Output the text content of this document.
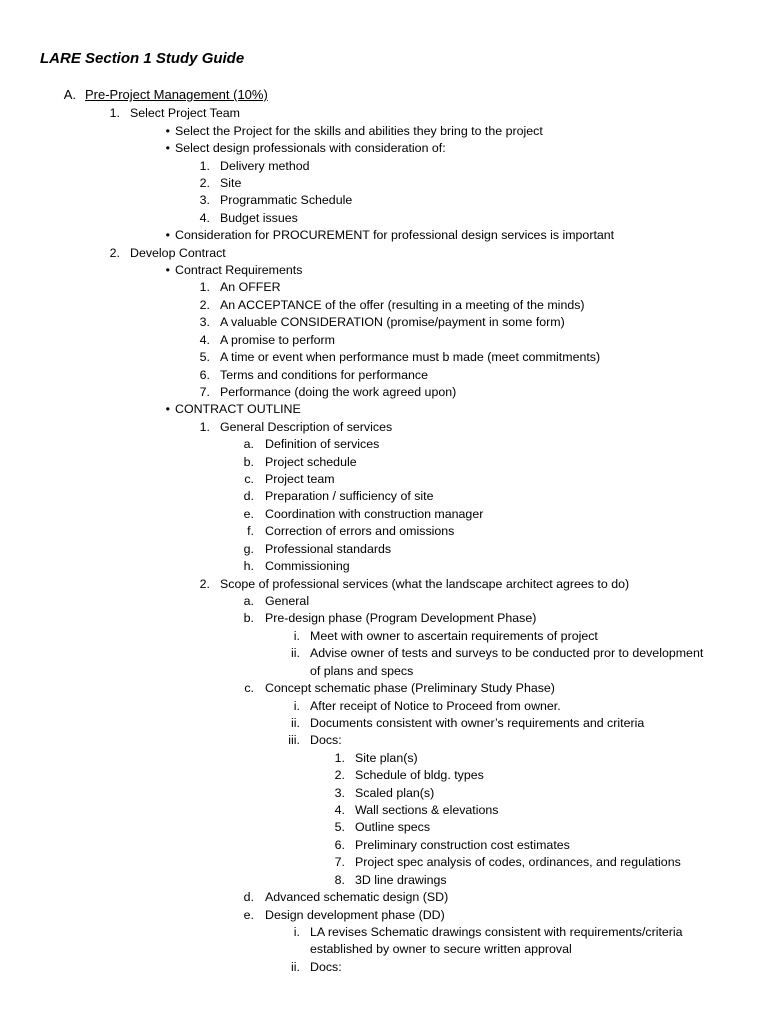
LARE Section 1 Study Guide
A. Pre-Project Management (10%)
1. Select Project Team
• Select the Project for the skills and abilities they bring to the project
• Select design professionals with consideration of:
1. Delivery method
2. Site
3. Programmatic Schedule
4. Budget issues
• Consideration for PROCUREMENT for professional design services is important
2. Develop Contract
• Contract Requirements
1. An OFFER
2. An ACCEPTANCE of the offer (resulting in a meeting of the minds)
3. A valuable CONSIDERATION (promise/payment in some form)
4. A promise to perform
5. A time or event when performance must b made (meet commitments)
6. Terms and conditions for performance
7. Performance (doing the work agreed upon)
• CONTRACT OUTLINE
1. General Description of services
a. Definition of services
b. Project schedule
c. Project team
d. Preparation / sufficiency of site
e. Coordination with construction manager
f. Correction of errors and omissions
g. Professional standards
h. Commissioning
2. Scope of professional services (what the landscape architect agrees to do)
a. General
b. Pre-design phase (Program Development Phase)
i. Meet with owner to ascertain requirements of project
ii. Advise owner of tests and surveys to be conducted pror to development
of plans and specs
c. Concept schematic phase (Preliminary Study Phase)
i. After receipt of Notice to Proceed from owner.
ii. Documents consistent with owner’s requirements and criteria
iii. Docs:
1. Site plan(s)
2. Schedule of bldg. types
3. Scaled plan(s)
4. Wall sections & elevations
5. Outline specs
6. Preliminary construction cost estimates
7. Project spec analysis of codes, ordinances, and regulations
8. 3D line drawings
d. Advanced schematic design (SD)
e. Design development phase (DD)
i. LA revises Schematic drawings consistent with requirements/criteria
established by owner to secure written approval
ii. Docs:
